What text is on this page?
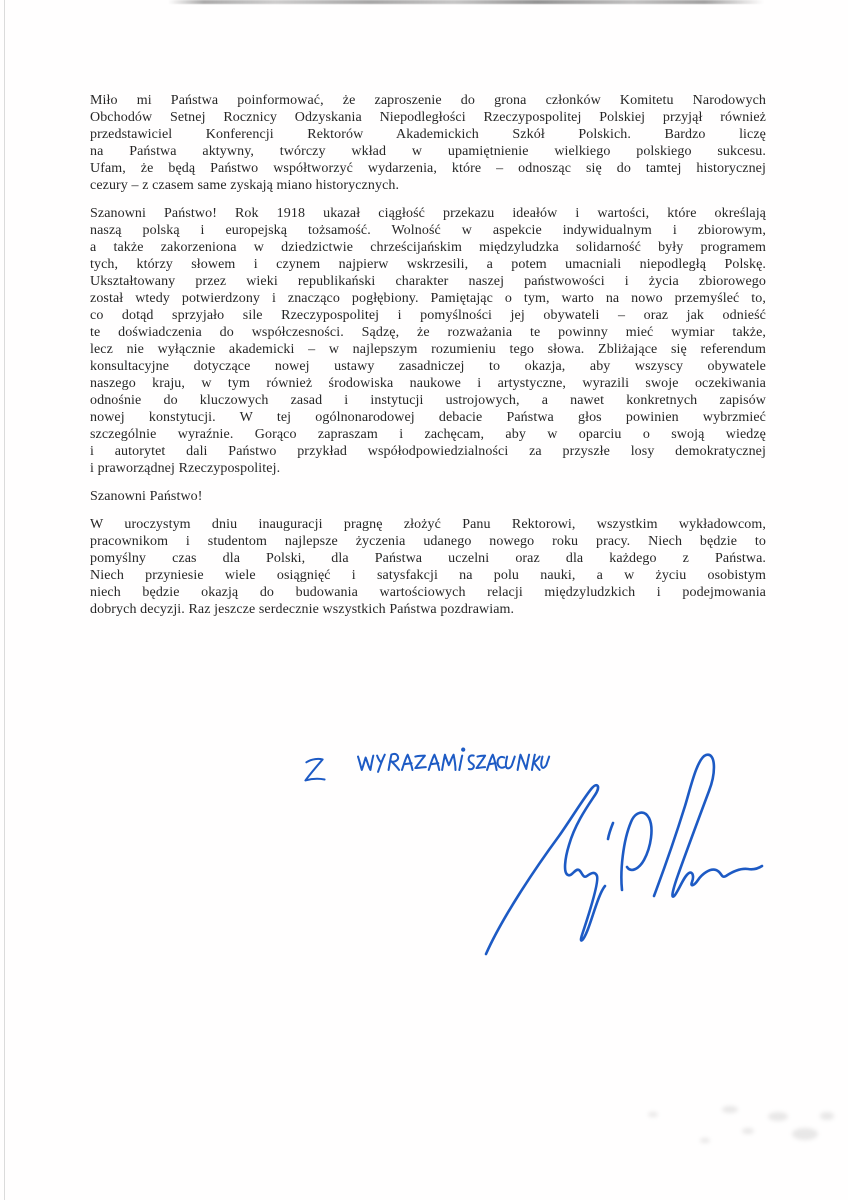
Miło mi Państwa poinformować, że zaproszenie do grona członków Komitetu Narodowych
Obchodów Setnej Rocznicy Odzyskania Niepodległości Rzeczypospolitej Polskiej przyjął również
przedstawiciel Konferencji Rektorów Akademickich Szkół Polskich. Bardzo liczę
na Państwa aktywny, twórczy wkład w upamiętnienie wielkiego polskiego sukcesu.
Ufam, że będą Państwo współtworzyć wydarzenia, które – odnosząc się do tamtej historycznej
cezury – z czasem same zyskają miano historycznych.

Szanowni Państwo! Rok 1918 ukazał ciągłość przekazu ideałów i wartości, które określają
naszą polską i europejską tożsamość. Wolność w aspekcie indywidualnym i zbiorowym,
a także zakorzeniona w dziedzictwie chrześcijańskim międzyludzka solidarność były programem
tych, którzy słowem i czynem najpierw wskrzesili, a potem umacniali niepodległą Polskę.
Ukształtowany przez wieki republikański charakter naszej państwowości i życia zbiorowego
został wtedy potwierdzony i znacząco pogłębiony. Pamiętając o tym, warto na nowo przemyśleć to,
co dotąd sprzyjało sile Rzeczypospolitej i pomyślności jej obywateli – oraz jak odnieść
te doświadczenia do współczesności. Sądzę, że rozważania te powinny mieć wymiar także,
lecz nie wyłącznie akademicki – w najlepszym rozumieniu tego słowa. Zbliżające się referendum
konsultacyjne dotyczące nowej ustawy zasadniczej to okazja, aby wszyscy obywatele
naszego kraju, w tym również środowiska naukowe i artystyczne, wyrazili swoje oczekiwania
odnośnie do kluczowych zasad i instytucji ustrojowych, a nawet konkretnych zapisów
nowej konstytucji. W tej ogólnonarodowej debacie Państwa głos powinien wybrzmieć
szczególnie wyraźnie. Gorąco zapraszam i zachęcam, aby w oparciu o swoją wiedzę
i autorytet dali Państwo przykład współodpowiedzialności za przyszłe losy demokratycznej
i praworządnej Rzeczypospolitej.

Szanowni Państwo!

W uroczystym dniu inauguracji pragnę złożyć Panu Rektorowi, wszystkim wykładowcom,
pracownikom i studentom najlepsze życzenia udanego nowego roku pracy. Niech będzie to
pomyślny czas dla Polski, dla Państwa uczelni oraz dla każdego z Państwa.
Niech przyniesie wiele osiągnięć i satysfakcji na polu nauki, a w życiu osobistym
niech będzie okazją do budowania wartościowych relacji międzyludzkich i podejmowania
dobrych decyzji. Raz jeszcze serdecznie wszystkich Państwa pozdrawiam.
